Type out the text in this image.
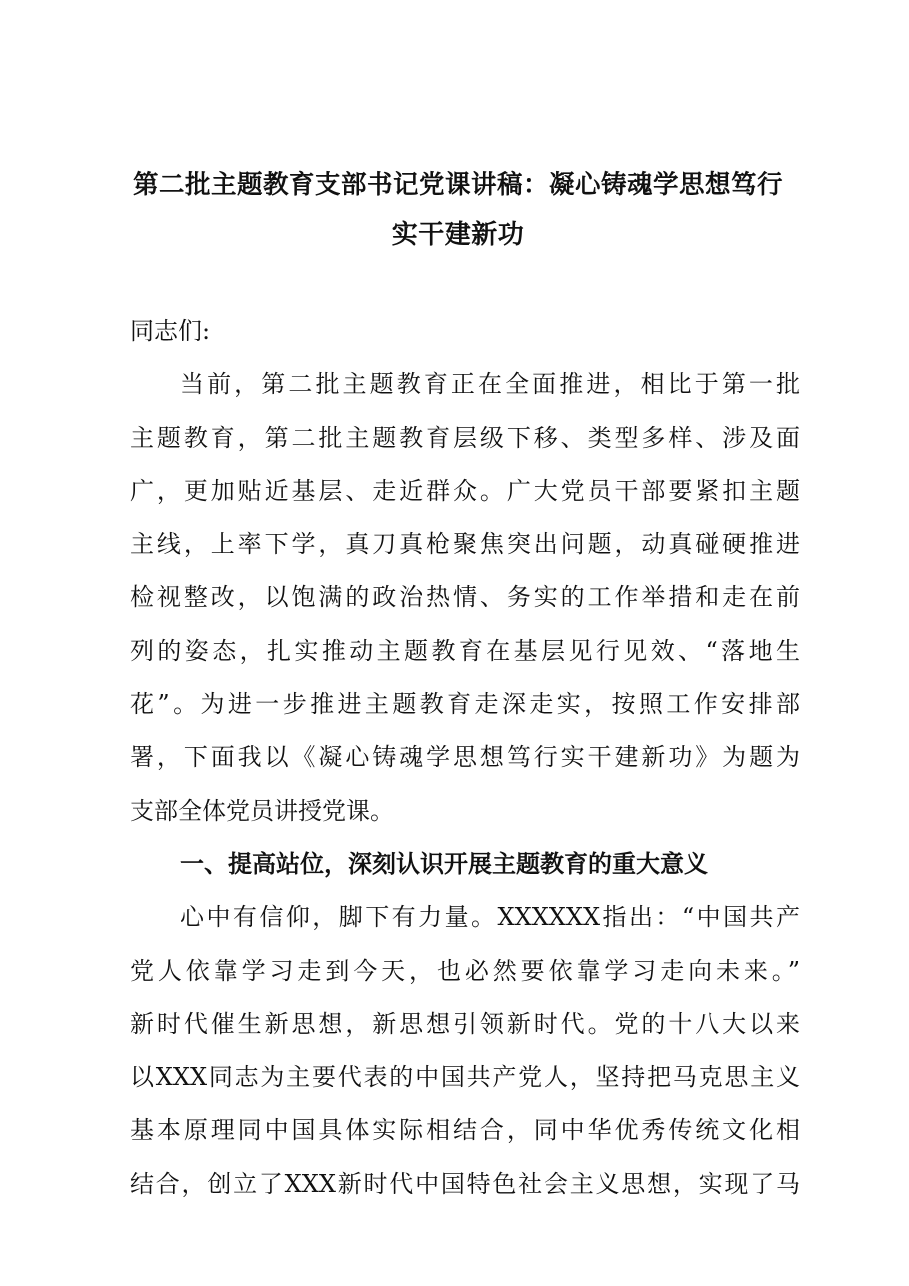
第二批主题教育支部书记党课讲稿：凝心铸魂学思想笃行
实干建新功
同志们:
当前，第二批主题教育正在全面推进，相比于第一批
主题教育，第二批主题教育层级下移、类型多样、涉及面
广，更加贴近基层、走近群众。广大党员干部要紧扣主题
主线，上率下学，真刀真枪聚焦突出问题，动真碰硬推进
检视整改，以饱满的政治热情、务实的工作举措和走在前
列的姿态，扎实推动主题教育在基层见行见效、“落地生
花”。为进一步推进主题教育走深走实，按照工作安排部
署，下面我以《凝心铸魂学思想笃行实干建新功》为题为
支部全体党员讲授党课。
一、提高站位，深刻认识开展主题教育的重大意义
心中有信仰，脚下有力量。XXXXXX指出：“中国共产
党人依靠学习走到今天，也必然要依靠学习走向未来。”
新时代催生新思想，新思想引领新时代。党的十八大以来
以XXX同志为主要代表的中国共产党人，坚持把马克思主义
基本原理同中国具体实际相结合，同中华优秀传统文化相
结合，创立了XXX新时代中国特色社会主义思想，实现了马
